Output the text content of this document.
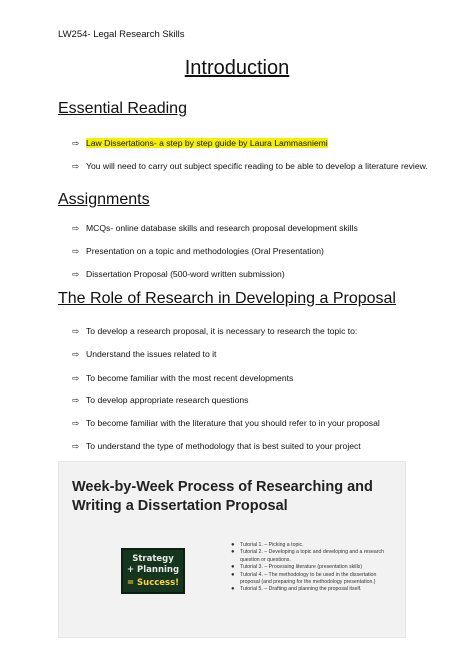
LW254- Legal Research Skills
Introduction
Essential Reading
⇨ Law Dissertations- a step by step guide by Laura Lammasniemi
⇨ You will need to carry out subject specific reading to be able to develop a literature review.
Assignments
⇨ MCQs- online database skills and research proposal development skills
⇨ Presentation on a topic and methodologies (Oral Presentation)
⇨ Dissertation Proposal (500-word written submission)
The Role of Research in Developing a Proposal
⇨ To develop a research proposal, it is necessary to research the topic to:
⇨ Understand the issues related to it
⇨ To become familiar with the most recent developments
⇨ To develop appropriate research questions
⇨ To become familiar with the literature that you should refer to in your proposal
⇨ To understand the type of methodology that is best suited to your project
Week-by-Week Process of Researching and Writing a Dissertation Proposal
Strategy
+ Planning
= Success!
● Tutorial 1. – Picking a topic.
● Tutorial 2. – Developing a topic and developing and a research question or questions.
● Tutorial 3. – Processing literature (presentation skills)
● Tutorial 4. – The methodology to be used in the dissertation proposal (and preparing for the methodology presentation.)
● Tutorial 5. – Drafting and planning the proposal itself.
